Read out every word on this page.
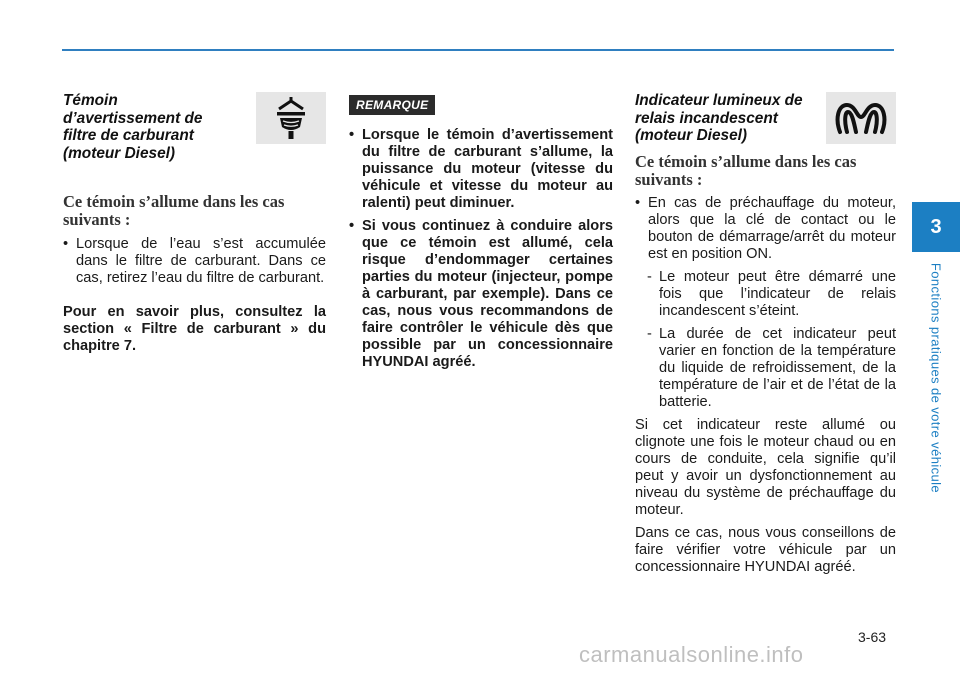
Témoin
d’avertissement de
filtre de carburant
(moteur Diesel)
Ce témoin s’allume dans les cas
suivants :
• Lorsque de l’eau s’est accumulée dans le filtre de carburant. Dans ce cas, retirez l’eau du filtre de carburant.

Pour en savoir plus, consultez la section « Filtre de carburant » du chapitre 7.

REMARQUE
• Lorsque le témoin d’avertissement du filtre de carburant s’allume, la puissance du moteur (vitesse du véhicule et vitesse du moteur au ralenti) peut diminuer.
• Si vous continuez à conduire alors que ce témoin est allumé, cela risque d’endommager certaines parties du moteur (injecteur, pompe à carburant, par exemple). Dans ce cas, nous vous recommandons de faire contrôler le véhicule dès que possible par un concessionnaire HYUNDAI agréé.
Indicateur lumineux de
relais incandescent
(moteur Diesel)
Ce témoin s’allume dans les cas
suivants :
• En cas de préchauffage du moteur, alors que la clé de contact ou le bouton de démarrage/arrêt du moteur est en position ON.
- Le moteur peut être démarré une fois que l’indicateur de relais incandescent s’éteint.
- La durée de cet indicateur peut varier en fonction de la température du liquide de refroidissement, de la température de l’air et de l’état de la batterie.

Si cet indicateur reste allumé ou clignote une fois le moteur chaud ou en cours de conduite, cela signifie qu’il peut y avoir un dysfonctionnement au niveau du système de préchauffage du moteur.

Dans ce cas, nous vous conseillons de faire vérifier votre véhicule par un concessionnaire HYUNDAI agréé.

3
Fonctions pratiques de votre véhicule
3-63
carmanualsonline.info
